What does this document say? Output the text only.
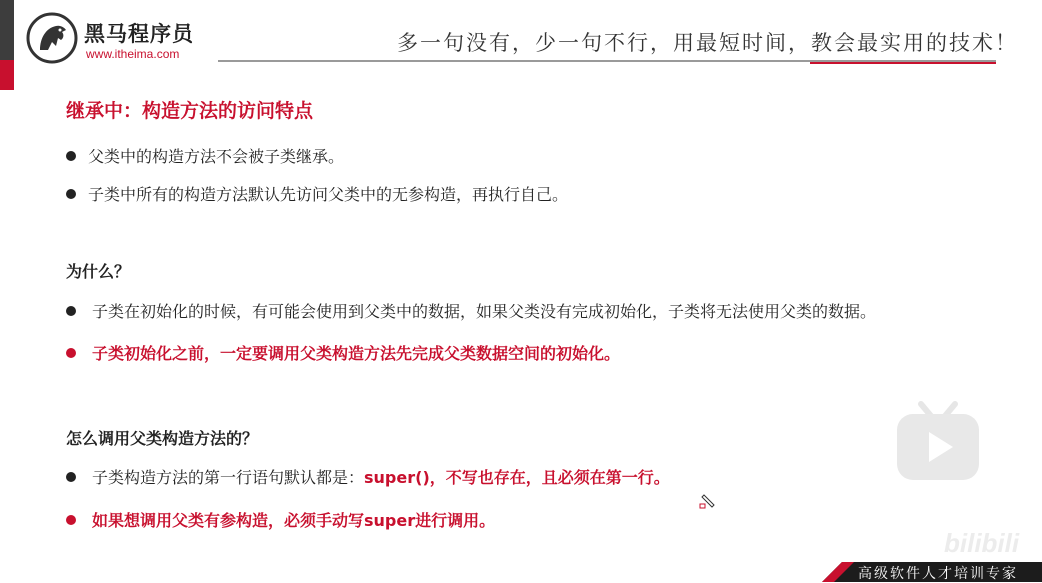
黑马程序员
www.itheima.com	多一句没有，少一句不行，用最短时间，教会最实用的技术！
继承中：构造方法的访问特点
父类中的构造方法不会被子类继承。
子类中所有的构造方法默认先访问父类中的无参构造，再执行自己。
为什么？
子类在初始化的时候，有可能会使用到父类中的数据，如果父类没有完成初始化，子类将无法使用父类的数据。
子类初始化之前，一定要调用父类构造方法先完成父类数据空间的初始化。
怎么调用父类构造方法的？
子类构造方法的第一行语句默认都是： super()，不写也存在，且必须在第一行。
如果想调用父类有参构造，必须手动写super进行调用。
bilibili
高级软件人才培训专家
